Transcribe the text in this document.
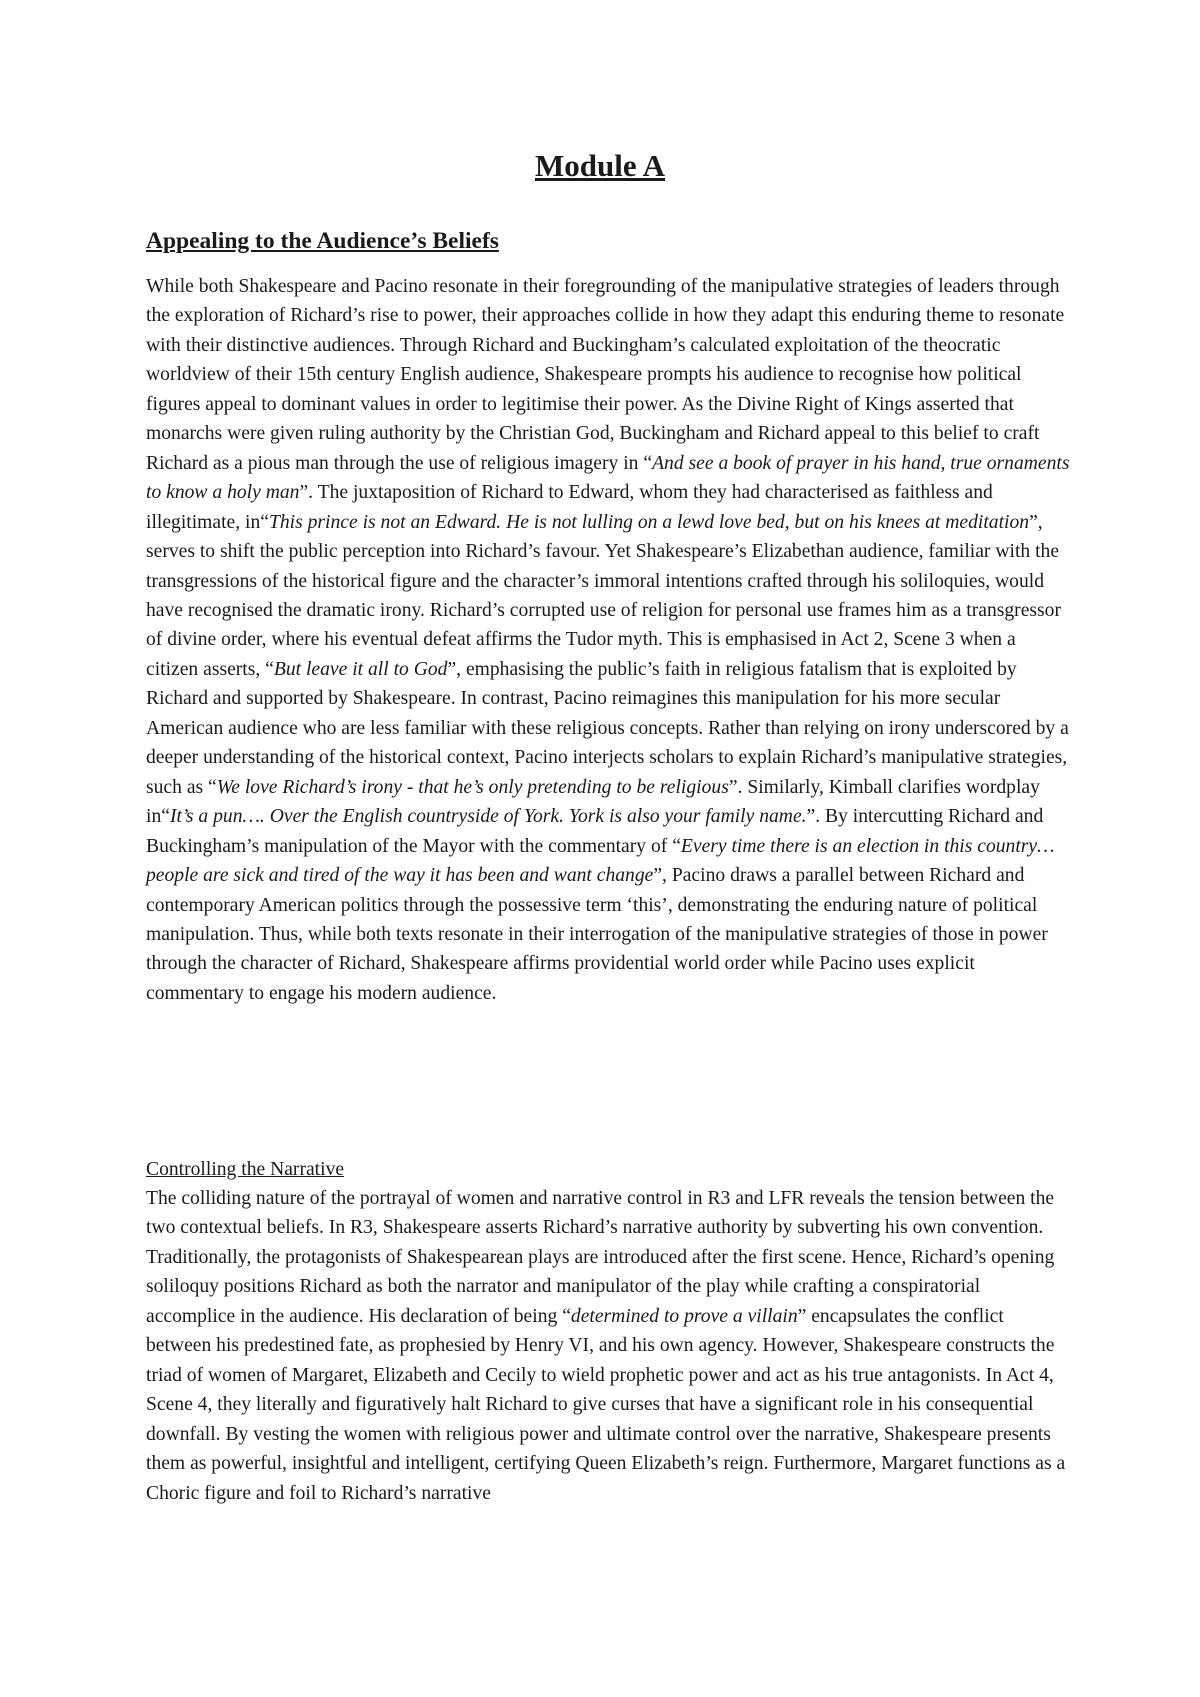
Module A
Appealing to the Audience’s Beliefs

While both Shakespeare and Pacino resonate in their foregrounding of the manipulative strategies of leaders through the exploration of Richard’s rise to power, their approaches collide in how they adapt this enduring theme to resonate with their distinctive audiences. Through Richard and Buckingham’s calculated exploitation of the theocratic worldview of their 15th century English audience, Shakespeare prompts his audience to recognise how political figures appeal to dominant values in order to legitimise their power. As the Divine Right of Kings asserted that monarchs were given ruling authority by the Christian God, Buckingham and Richard appeal to this belief to craft Richard as a pious man through the use of religious imagery in “And see a book of prayer in his hand, true ornaments to know a holy man”. The juxtaposition of Richard to Edward, whom they had characterised as faithless and illegitimate, in“This prince is not an Edward. He is not lulling on a lewd love bed, but on his knees at meditation”, serves to shift the public perception into Richard’s favour. Yet Shakespeare’s Elizabethan audience, familiar with the transgressions of the historical figure and the character’s immoral intentions crafted through his soliloquies, would have recognised the dramatic irony. Richard’s corrupted use of religion for personal use frames him as a transgressor of divine order, where his eventual defeat affirms the Tudor myth. This is emphasised in Act 2, Scene 3 when a citizen asserts, “But leave it all to God”, emphasising the public’s faith in religious fatalism that is exploited by Richard and supported by Shakespeare. In contrast, Pacino reimagines this manipulation for his more secular American audience who are less familiar with these religious concepts. Rather than relying on irony underscored by a deeper understanding of the historical context, Pacino interjects scholars to explain Richard’s manipulative strategies, such as “We love Richard’s irony - that he’s only pretending to be religious”. Similarly, Kimball clarifies wordplay in“It’s a pun…. Over the English countryside of York. York is also your family name.”. By intercutting Richard and Buckingham’s manipulation of the Mayor with the commentary of “Every time there is an election in this country… people are sick and tired of the way it has been and want change”, Pacino draws a parallel between Richard and contemporary American politics through the possessive term ‘this’, demonstrating the enduring nature of political manipulation. Thus, while both texts resonate in their interrogation of the manipulative strategies of those in power through the character of Richard, Shakespeare affirms providential world order while Pacino uses explicit commentary to engage his modern audience.

Controlling the Narrative

The colliding nature of the portrayal of women and narrative control in R3 and LFR reveals the tension between the two contextual beliefs. In R3, Shakespeare asserts Richard’s narrative authority by subverting his own convention. Traditionally, the protagonists of Shakespearean plays are introduced after the first scene. Hence, Richard’s opening soliloquy positions Richard as both the narrator and manipulator of the play while crafting a conspiratorial accomplice in the audience. His declaration of being “determined to prove a villain” encapsulates the conflict between his predestined fate, as prophesied by Henry VI, and his own agency. However, Shakespeare constructs the triad of women of Margaret, Elizabeth and Cecily to wield prophetic power and act as his true antagonists. In Act 4, Scene 4, they literally and figuratively halt Richard to give curses that have a significant role in his consequential downfall. By vesting the women with religious power and ultimate control over the narrative, Shakespeare presents them as powerful, insightful and intelligent, certifying Queen Elizabeth’s reign. Furthermore, Margaret functions as a Choric figure and foil to Richard’s narrative
